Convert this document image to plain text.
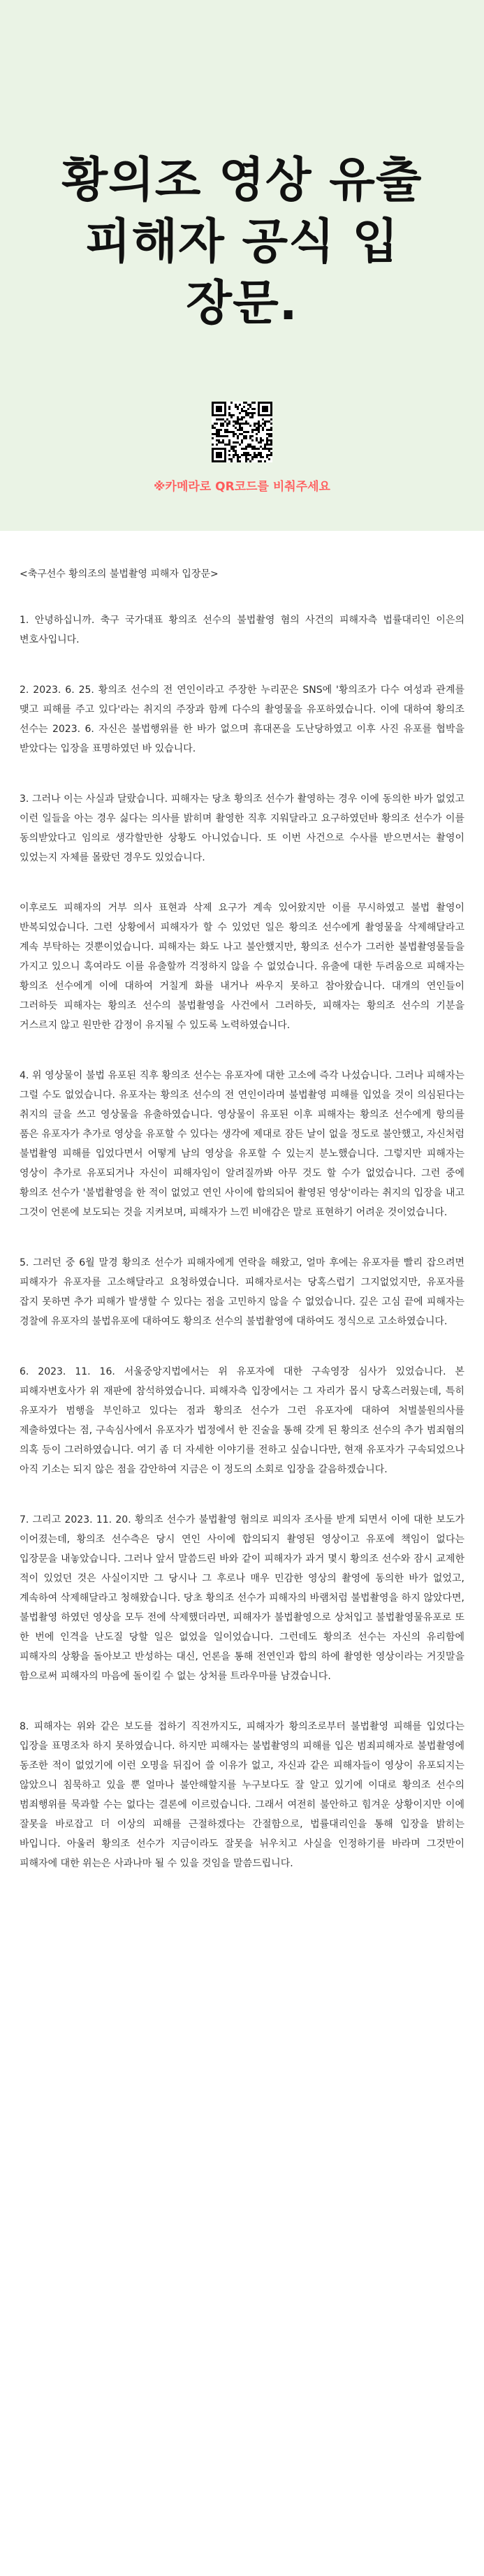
황의조 영상 유출
피해자 공식 입
장문.
※카메라로 QR코드를 비춰주세요

<축구선수 황의조의 불법촬영 피해자 입장문>

1. 안녕하십니까. 축구 국가대표 황의조 선수의 불법촬영 혐의 사건의 피해자측 법률대리인 이은의 변호사입니다.

2. 2023. 6. 25. 황의조 선수의 전 연인이라고 주장한 누리꾼은 SNS에 '황의조가 다수 여성과 관계를 맺고 피해를 주고 있다'라는 취지의 주장과 함께 다수의 촬영물을 유포하였습니다. 이에 대하여 황의조 선수는 2023. 6. 자신은 불법행위를 한 바가 없으며 휴대폰을 도난당하였고 이후 사진 유포를 협박을 받았다는 입장을 표명하였던 바 있습니다.

3. 그러나 이는 사실과 달랐습니다. 피해자는 당초 황의조 선수가 촬영하는 경우 이에 동의한 바가 없었고 이런 일들을 아는 경우 싫다는 의사를 밝히며 촬영한 직후 지워달라고 요구하였던바 황의조 선수가 이를 동의받았다고 임의로 생각할만한 상황도 아니었습니다. 또 이번 사건으로 수사를 받으면서는 촬영이 있었는지 자체를 몰랐던 경우도 있었습니다.

이후로도 피해자의 거부 의사 표현과 삭제 요구가 계속 있어왔지만 이를 무시하였고 불법 촬영이 반복되었습니다. 그런 상황에서 피해자가 할 수 있었던 일은 황의조 선수에게 촬영물을 삭제해달라고 계속 부탁하는 것뿐이었습니다. 피해자는 화도 나고 불안했지만, 황의조 선수가 그러한 불법촬영물들을 가지고 있으니 혹여라도 이를 유출할까 걱정하지 않을 수 없었습니다. 유출에 대한 두려움으로 피해자는 황의조 선수에게 이에 대하여 거칠게 화를 내거나 싸우지 못하고 참아왔습니다. 대개의 연인들이 그러하듯 피해자는 황의조 선수의 불법촬영을 사건에서 그러하듯, 피해자는 황의조 선수의 기분을 거스르지 않고 원만한 감정이 유지될 수 있도록 노력하였습니다.

4. 위 영상물이 불법 유포된 직후 황의조 선수는 유포자에 대한 고소에 즉각 나섰습니다. 그러나 피해자는 그럴 수도 없었습니다. 유포자는 황의조 선수의 전 연인이라며 불법촬영 피해를 입었을 것이 의심된다는 취지의 글을 쓰고 영상물을 유출하였습니다. 영상물이 유포된 이후 피해자는 황의조 선수에게 항의를 품은 유포자가 추가로 영상을 유포할 수 있다는 생각에 제대로 잠든 날이 없을 정도로 불안했고, 자신처럼 불법촬영 피해를 입었다면서 어떻게 남의 영상을 유포할 수 있는지 분노했습니다. 그렇지만 피해자는 영상이 추가로 유포되거나 자신이 피해자임이 알려질까봐 아무 것도 할 수가 없었습니다. 그런 중에 황의조 선수가 '불법촬영을 한 적이 없었고 연인 사이에 합의되어 촬영된 영상'이라는 취지의 입장을 내고 그것이 언론에 보도되는 것을 지켜보며, 피해자가 느낀 비애감은 말로 표현하기 어려운 것이었습니다.

5. 그러던 중 6월 말경 황의조 선수가 피해자에게 연락을 해왔고, 얼마 후에는 유포자를 빨리 잡으려면 피해자가 유포자를 고소해달라고 요청하였습니다. 피해자로서는 당혹스럽기 그지없었지만, 유포자를 잡지 못하면 추가 피해가 발생할 수 있다는 점을 고민하지 않을 수 없었습니다. 깊은 고심 끝에 피해자는 경찰에 유포자의 불법유포에 대하여도 황의조 선수의 불법촬영에 대하여도 정식으로 고소하였습니다.

6. 2023. 11. 16. 서울중앙지법에서는 위 유포자에 대한 구속영장 심사가 있었습니다. 본 피해자변호사가 위 재판에 참석하였습니다. 피해자측 입장에서는 그 자리가 몹시 당혹스러웠는데, 특히 유포자가 범행을 부인하고 있다는 점과 황의조 선수가 그런 유포자에 대하여 처벌불원의사를 제출하였다는 점, 구속심사에서 유포자가 법정에서 한 진술을 통해 갖게 된 황의조 선수의 추가 범죄혐의 의혹 등이 그러하였습니다. 여기 좀 더 자세한 이야기를 전하고 싶습니다만, 현재 유포자가 구속되었으나 아직 기소는 되지 않은 점을 감안하여 지금은 이 정도의 소회로 입장을 갈음하겠습니다.

7. 그리고 2023. 11. 20. 황의조 선수가 불법촬영 혐의로 피의자 조사를 받게 되면서 이에 대한 보도가 이어졌는데, 황의조 선수측은 당시 연인 사이에 합의되지 촬영된 영상이고 유포에 책임이 없다는 입장문을 내놓았습니다. 그러나 앞서 말씀드린 바와 같이 피해자가 과거 몇시 황의조 선수와 잠시 교제한 적이 있었던 것은 사실이지만 그 당시나 그 후로나 매우 민감한 영상의 촬영에 동의한 바가 없었고, 계속하여 삭제해달라고 청해왔습니다. 당초 황의조 선수가 피해자의 바램처럼 불법촬영을 하지 않았다면, 불법촬영 하였던 영상을 모두 전에 삭제했더라면, 피해자가 불법촬영으로 상처입고 불법촬영물유포로 또 한 번에 인격을 난도질 당할 일은 없었을 일이었습니다. 그런데도 황의조 선수는 자신의 유리함에 피해자의 상황을 돌아보고 반성하는 대신, 언론을 통해 전연인과 합의 하에 촬영한 영상이라는 거짓말을 함으로써 피해자의 마음에 돌이킬 수 없는 상처를 트라우마를 남겼습니다.

8. 피해자는 위와 같은 보도를 접하기 직전까지도, 피해자가 황의조로부터 불법촬영 피해를 입었다는 입장을 표명조차 하지 못하였습니다. 하지만 피해자는 불법촬영의 피해를 입은 범죄피해자로 불법촬영에 동조한 적이 없었기에 이런 오명을 뒤집어 쓸 이유가 없고, 자신과 같은 피해자들이 영상이 유포되지는 않았으니 침묵하고 있을 뿐 얼마나 불안해할지를 누구보다도 잘 알고 있기에 이대로 황의조 선수의 범죄행위를 묵과할 수는 없다는 결론에 이르렀습니다. 그래서 여전히 불안하고 힘겨운 상황이지만 이에 잘못을 바로잡고 더 이상의 피해를 근절하겠다는 간절함으로, 법률대리인을 통해 입장을 밝히는 바입니다. 아울러 황의조 선수가 지금이라도 잘못을 뉘우치고 사실을 인정하기를 바라며 그것만이 피해자에 대한 위는은 사과나마 될 수 있을 것임을 말씀드립니다.
